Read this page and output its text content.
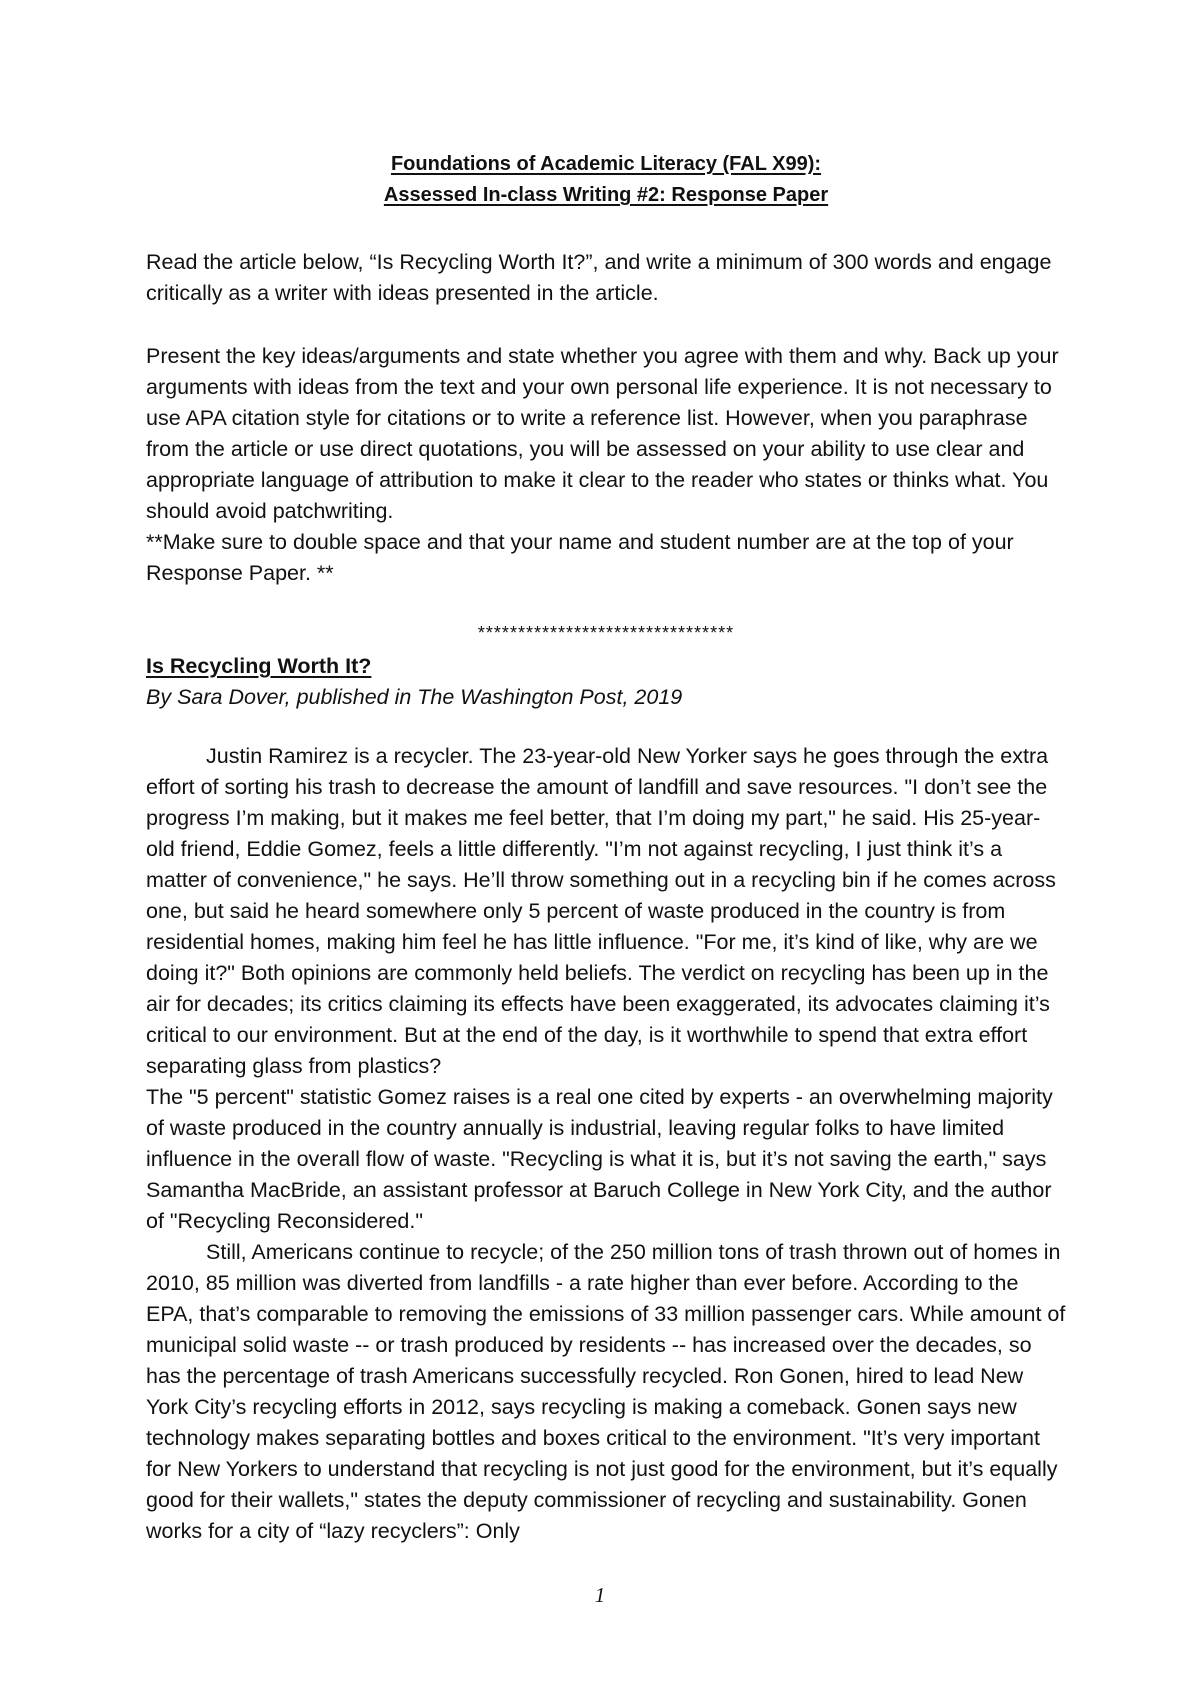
Foundations of Academic Literacy (FAL X99):
Assessed In-class Writing #2: Response Paper

Read the article below, “Is Recycling Worth It?”, and write a minimum of 300 words and engage critically as a writer with ideas presented in the article.

Present the key ideas/arguments and state whether you agree with them and why. Back up your arguments with ideas from the text and your own personal life experience. It is not necessary to use APA citation style for citations or to write a reference list. However, when you paraphrase from the article or use direct quotations, you will be assessed on your ability to use clear and appropriate language of attribution to make it clear to the reader who states or thinks what. You should avoid patchwriting.

**Make sure to double space and that your name and student number are at the top of your Response Paper. **

********************************

Is Recycling Worth It?

By Sara Dover, published in The Washington Post, 2019

Justin Ramirez is a recycler. The 23-year-old New Yorker says he goes through the extra effort of sorting his trash to decrease the amount of landfill and save resources. "I don’t see the progress I’m making, but it makes me feel better, that I’m doing my part," he said. His 25-year-old friend, Eddie Gomez, feels a little differently. "I’m not against recycling, I just think it’s a matter of convenience," he says. He’ll throw something out in a recycling bin if he comes across one, but said he heard somewhere only 5 percent of waste produced in the country is from residential homes, making him feel he has little influence. "For me, it’s kind of like, why are we doing it?" Both opinions are commonly held beliefs. The verdict on recycling has been up in the air for decades; its critics claiming its effects have been exaggerated, its advocates claiming it’s critical to our environment. But at the end of the day, is it worthwhile to spend that extra effort separating glass from plastics?

The "5 percent" statistic Gomez raises is a real one cited by experts - an overwhelming majority of waste produced in the country annually is industrial, leaving regular folks to have limited influence in the overall flow of waste. "Recycling is what it is, but it’s not saving the earth," says Samantha MacBride, an assistant professor at Baruch College in New York City, and the author of "Recycling Reconsidered."

Still, Americans continue to recycle; of the 250 million tons of trash thrown out of homes in 2010, 85 million was diverted from landfills - a rate higher than ever before. According to the EPA, that’s comparable to removing the emissions of 33 million passenger cars. While amount of municipal solid waste -- or trash produced by residents -- has increased over the decades, so has the percentage of trash Americans successfully recycled. Ron Gonen, hired to lead New York City’s recycling efforts in 2012, says recycling is making a comeback. Gonen says new technology makes separating bottles and boxes critical to the environment. "It’s very important for New Yorkers to understand that recycling is not just good for the environment, but it’s equally good for their wallets," states the deputy commissioner of recycling and sustainability. Gonen works for a city of “lazy recyclers”: Only

1
